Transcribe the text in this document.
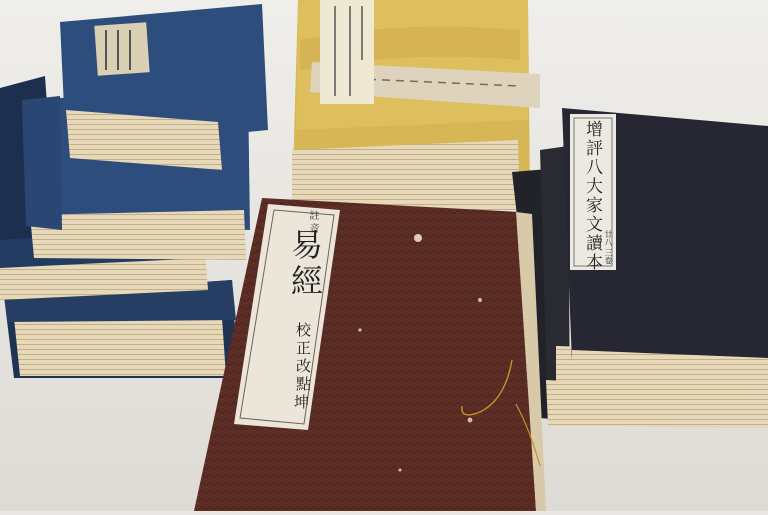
註 音
易經
校正改點
坤
增評八大家文讀本 廿八 三卷
